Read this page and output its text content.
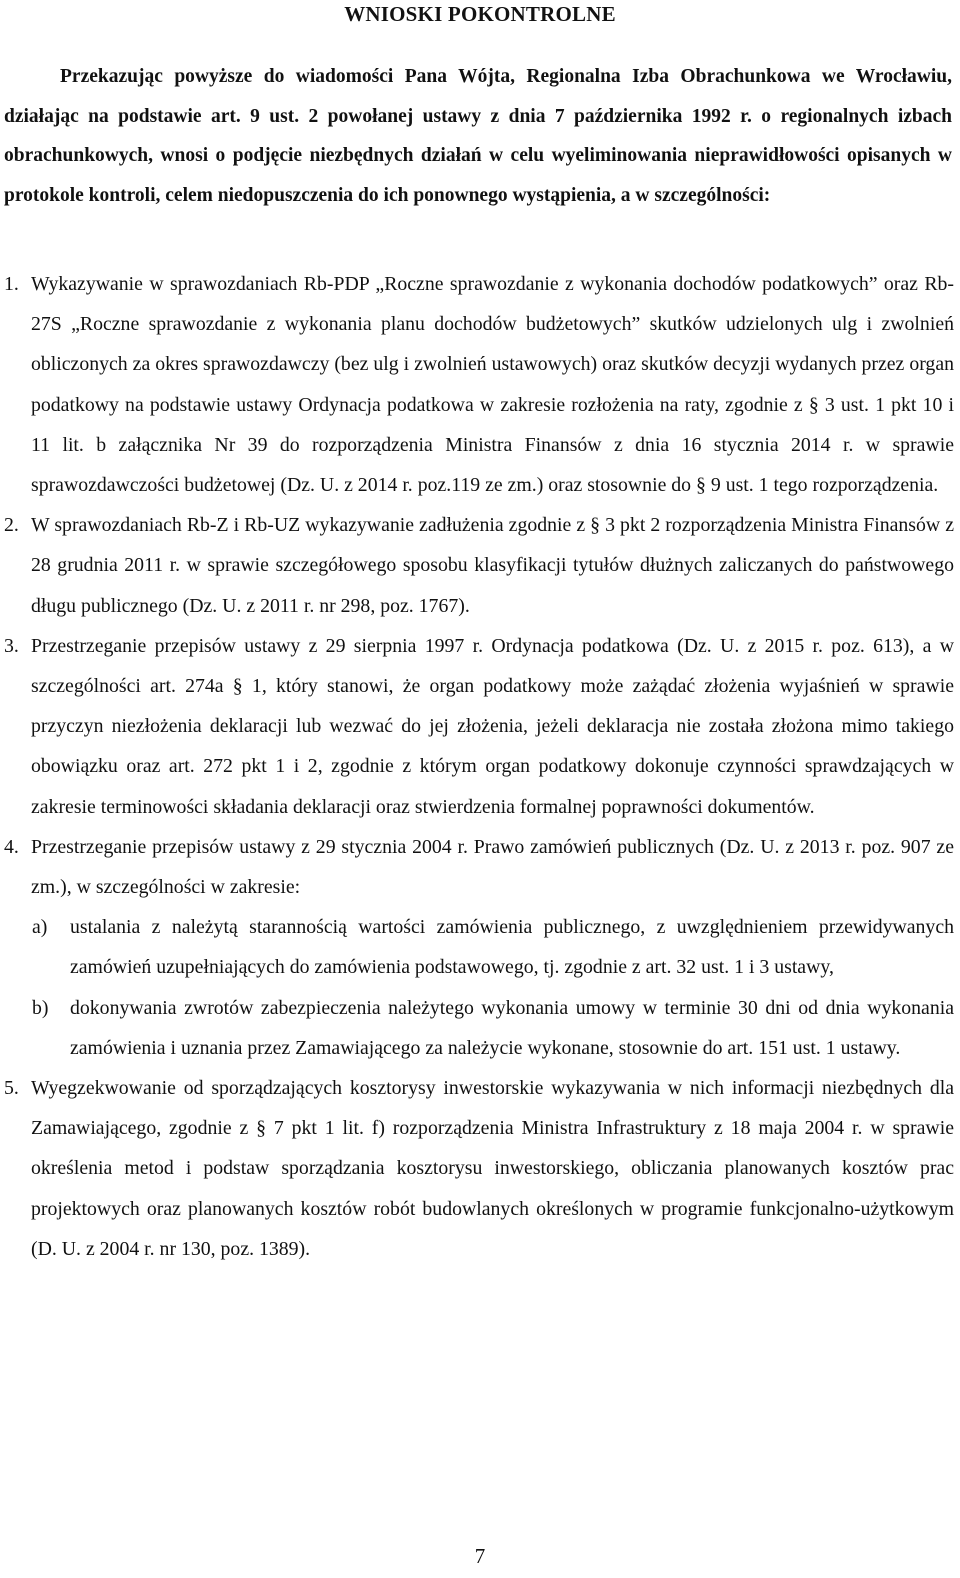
WNIOSKI POKONTROLNE

Przekazując powyższe do wiadomości Pana Wójta, Regionalna Izba Obrachunkowa we Wrocławiu, działając na podstawie art. 9 ust. 2 powołanej ustawy z dnia 7 października 1992 r. o regionalnych izbach obrachunkowych, wnosi o podjęcie niezbędnych działań w celu wyeliminowania nieprawidłowości opisanych w protokole kontroli, celem niedopuszczenia do ich ponownego wystąpienia, a w szczególności:

1. Wykazywanie w sprawozdaniach Rb-PDP „Roczne sprawozdanie z wykonania dochodów podatkowych” oraz Rb-27S „Roczne sprawozdanie z wykonania planu dochodów budżetowych” skutków udzielonych ulg i zwolnień obliczonych za okres sprawozdawczy (bez ulg i zwolnień ustawowych) oraz skutków decyzji wydanych przez organ podatkowy na podstawie ustawy Ordynacja podatkowa w zakresie rozłożenia na raty, zgodnie z § 3 ust. 1 pkt 10 i 11 lit. b załącznika Nr 39 do rozporządzenia Ministra Finansów z dnia 16 stycznia 2014 r. w sprawie sprawozdawczości budżetowej (Dz. U. z 2014 r. poz.119 ze zm.) oraz stosownie do § 9 ust. 1 tego rozporządzenia.
2. W sprawozdaniach Rb-Z i Rb-UZ wykazywanie zadłużenia zgodnie z § 3 pkt 2 rozporządzenia Ministra Finansów z 28 grudnia 2011 r. w sprawie szczegółowego sposobu klasyfikacji tytułów dłużnych zaliczanych do państwowego długu publicznego (Dz. U. z 2011 r. nr 298, poz. 1767).
3. Przestrzeganie przepisów ustawy z 29 sierpnia 1997 r. Ordynacja podatkowa (Dz. U. z 2015 r. poz. 613), a w szczególności art. 274a § 1, który stanowi, że organ podatkowy może zażądać złożenia wyjaśnień w sprawie przyczyn niezłożenia deklaracji lub wezwać do jej złożenia, jeżeli deklaracja nie została złożona mimo takiego obowiązku oraz art. 272 pkt 1 i 2, zgodnie z którym organ podatkowy dokonuje czynności sprawdzających w zakresie terminowości składania deklaracji oraz stwierdzenia formalnej poprawności dokumentów.
4. Przestrzeganie przepisów ustawy z 29 stycznia 2004 r. Prawo zamówień publicznych (Dz. U. z 2013 r. poz. 907 ze zm.), w szczególności w zakresie:
a) ustalania z należytą starannością wartości zamówienia publicznego, z uwzględnieniem przewidywanych zamówień uzupełniających do zamówienia podstawowego, tj. zgodnie z art. 32 ust. 1 i 3 ustawy,
b) dokonywania zwrotów zabezpieczenia należytego wykonania umowy w terminie 30 dni od dnia wykonania zamówienia i uznania przez Zamawiającego za należycie wykonane, stosownie do art. 151 ust. 1 ustawy.
5. Wyegzekwowanie od sporządzających kosztorysy inwestorskie wykazywania w nich informacji niezbędnych dla Zamawiającego, zgodnie z § 7 pkt 1 lit. f) rozporządzenia Ministra Infrastruktury z 18 maja 2004 r. w sprawie określenia metod i podstaw sporządzania kosztorysu inwestorskiego, obliczania planowanych kosztów prac projektowych oraz planowanych kosztów robót budowlanych określonych w programie funkcjonalno-użytkowym (D. U. z 2004 r. nr 130, poz. 1389).
7
